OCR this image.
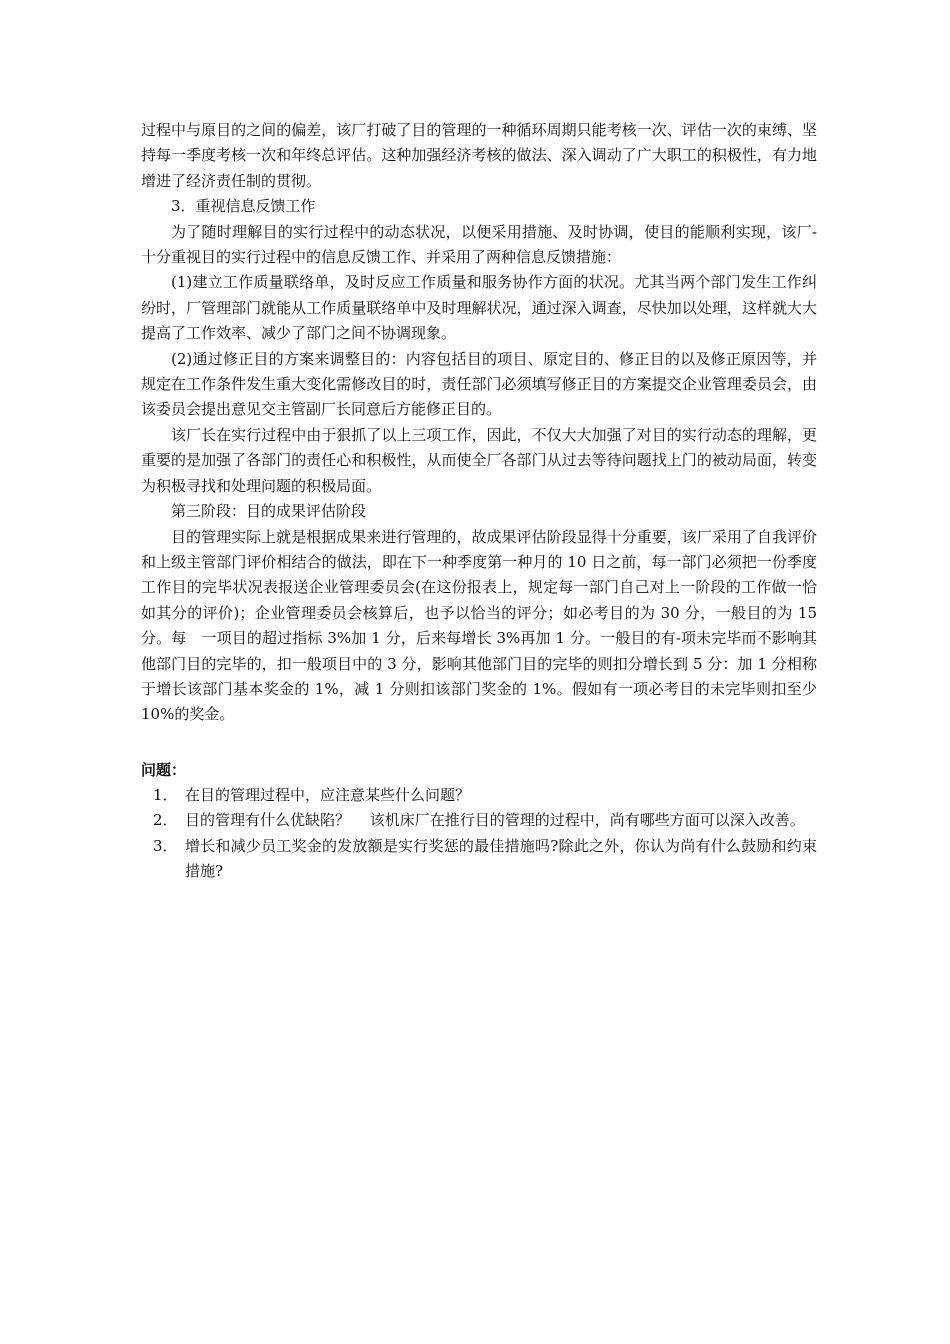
过程中与原目的之间的偏差，该厂打破了目的管理的一种循环周期只能考核一次、评估一次的束缚、坚持每一季度考核一次和年终总评估。这种加强经济考核的做法、深入调动了广大职工的积极性，有力地增进了经济责任制的贯彻。

3．重视信息反馈工作

为了随时理解目的实行过程中的动态状况，以便采用措施、及时协调，使目的能顺利实现，该厂-十分重视目的实行过程中的信息反馈工作、并采用了两种信息反馈措施：

(1)建立工作质量联络单，及时反应工作质量和服务协作方面的状况。尤其当两个部门发生工作纠纷时，厂管理部门就能从工作质量联络单中及时理解状况，通过深入调查，尽快加以处理，这样就大大提高了工作效率、减少了部门之间不协调现象。

(2)通过修正目的方案来调整目的：内容包括目的项目、原定目的、修正目的以及修正原因等，并规定在工作条件发生重大变化需修改目的时，责任部门必须填写修正目的方案提交企业管理委员会，由该委员会提出意见交主管副厂长同意后方能修正目的。

该厂长在实行过程中由于狠抓了以上三项工作，因此，不仅大大加强了对目的实行动态的理解，更重要的是加强了各部门的责任心和积极性，从而使全厂各部门从过去等待问题找上门的被动局面，转变为积极寻找和处理问题的积极局面。

第三阶段：目的成果评估阶段

目的管理实际上就是根据成果来进行管理的，故成果评估阶段显得十分重要，该厂采用了自我评价和上级主管部门评价相结合的做法，即在下一种季度第一种月的 10 日之前，每一部门必须把一份季度工作目的完毕状况表报送企业管理委员会(在这份报表上，规定每一部门自己对上一阶段的工作做一恰如其分的评价)；企业管理委员会核算后，也予以恰当的评分；如必考目的为 30 分，一般目的为 15 分。每　一项目的超过指标 3%加 1 分，后来每增长 3%再加 1 分。一般目的有-项未完毕而不影响其他部门目的完毕的，扣一般项目中的 3 分，影响其他部门目的完毕的则扣分增长到 5 分：加 1 分相称于增长该部门基本奖金的 1%，减 1 分则扣该部门奖金的 1%。假如有一项必考目的未完毕则扣至少 10%的奖金。

问题：
1． 在目的管理过程中，应注意某些什么问题？
2． 目的管理有什么优缺陷？　 该机床厂在推行目的管理的过程中，尚有哪些方面可以深入改善。
3． 增长和减少员工奖金的发放额是实行奖惩的最佳措施吗?除此之外，你认为尚有什么鼓励和约束措施?
